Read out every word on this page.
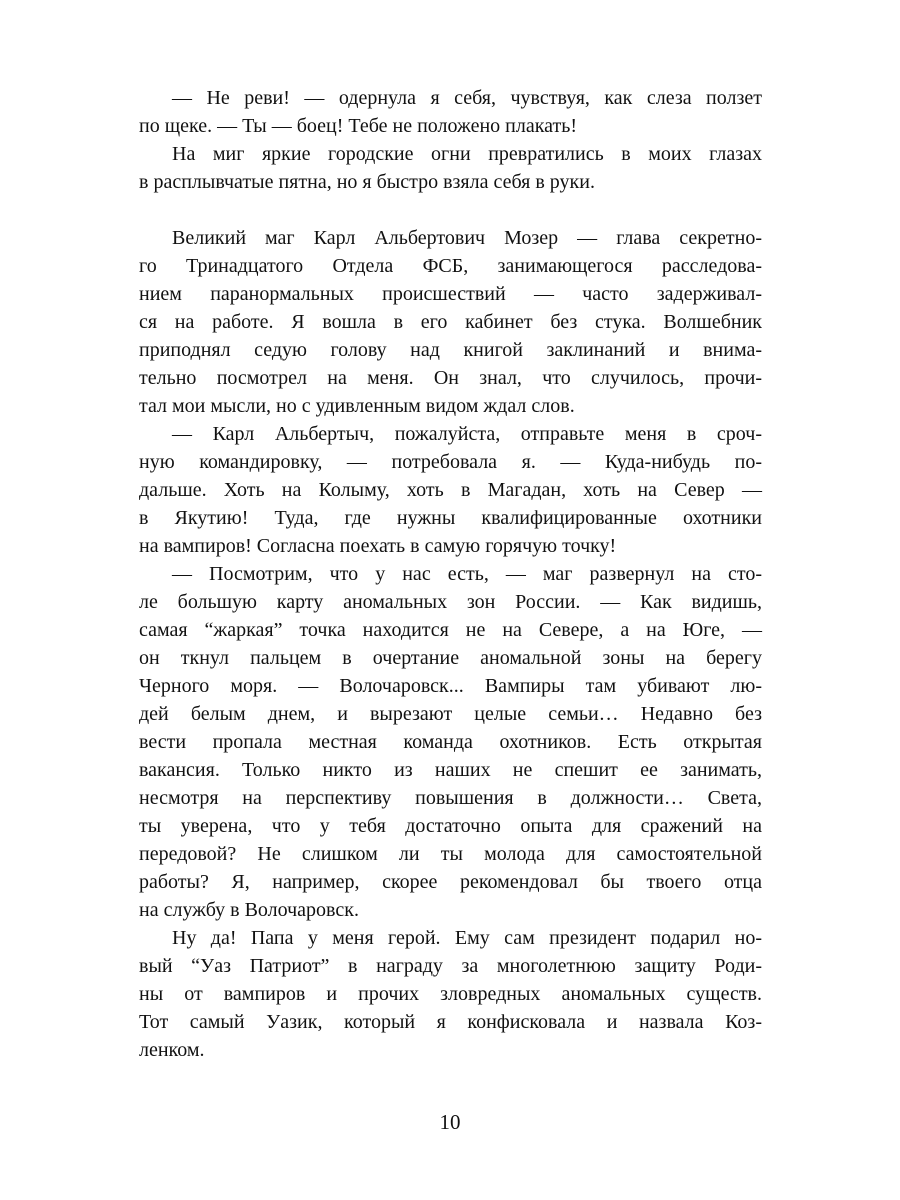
— Не реви! — одернула я себя, чувствуя, как слеза ползет
по щеке. — Ты — боец! Тебе не положено плакать!
На миг яркие городские огни превратились в моих глазах
в расплывчатые пятна, но я быстро взяла себя в руки.
Великий маг Карл Альбертович Мозер — глава секретно-
го Тринадцатого Отдела ФСБ, занимающегося расследова-
нием паранормальных происшествий — часто задерживал-
ся на работе. Я вошла в его кабинет без стука. Волшебник
приподнял седую голову над книгой заклинаний и внима-
тельно посмотрел на меня. Он знал, что случилось, прочи-
тал мои мысли, но с удивленным видом ждал слов.
— Карл Альбертыч, пожалуйста, отправьте меня в сроч-
ную командировку, — потребовала я. — Куда-нибудь по-
дальше. Хоть на Колыму, хоть в Магадан, хоть на Север —
в Якутию! Туда, где нужны квалифицированные охотники
на вампиров! Согласна поехать в самую горячую точку!
— Посмотрим, что у нас есть, — маг развернул на сто-
ле большую карту аномальных зон России. — Как видишь,
самая “жаркая” точка находится не на Севере, а на Юге, —
он ткнул пальцем в очертание аномальной зоны на берегу
Черного моря. — Волочаровск... Вампиры там убивают лю-
дей белым днем, и вырезают целые семьи… Недавно без
вести пропала местная команда охотников. Есть открытая
вакансия. Только никто из наших не спешит ее занимать,
несмотря на перспективу повышения в должности… Света,
ты уверена, что у тебя достаточно опыта для сражений на
передовой? Не слишком ли ты молода для самостоятельной
работы? Я, например, скорее рекомендовал бы твоего отца
на службу в Волочаровск.
Ну да! Папа у меня герой. Ему сам президент подарил но-
вый “Уаз Патриот” в награду за многолетнюю защиту Роди-
ны от вампиров и прочих зловредных аномальных существ.
Тот самый Уазик, который я конфисковала и назвала Коз-
ленком.
10
